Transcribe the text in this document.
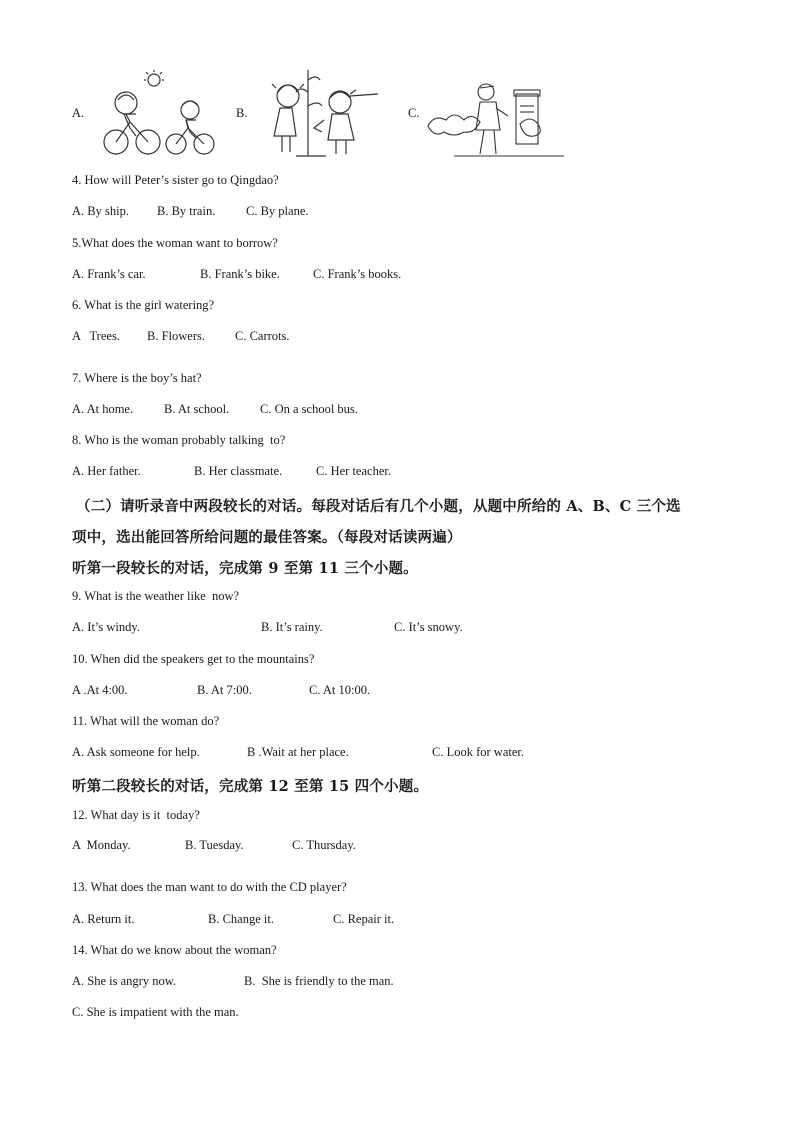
A.	B.	C.
4. How will Peter’s sister go to Qingdao?
A. By ship. B. By train. C. By plane.
5.What does the woman want to borrow?
A. Frank’s car.	B. Frank’s bike.	C. Frank’s books.
6. What is the girl watering?
A   Trees. B. Flowers. C. Carrots.
7. Where is the boy’s hat?
A. At home. B. At school. C. On a school bus.
8. Who is the woman probably talking  to?
A. Her father.	B. Her classmate.	C. Her teacher.
（二）请听录音中两段较长的对话。每段对话后有几个小题，从题中所给的 A、B、C 三个选
项中，选出能回答所给问题的最佳答案。（每段对话读两遍）
听第一段较长的对话，完成第 9 至第 11 三个小题。
9. What is the weather like  now?
A. It’s windy.	B. It’s rainy.	C. It’s snowy.
10. When did the speakers get to the mountains?
A .At 4:00.	B. At 7:00.	C. At 10:00.
11. What will the woman do?
A. Ask someone for help.	B .Wait at her place.	C. Look for water.
听第二段较长的对话，完成第 12 至第 15 四个小题。
12. What day is it  today?
A  Monday.	B. Tuesday.	C. Thursday.
13. What does the man want to do with the CD player?
A. Return it.	B. Change it.	C. Repair it.
14. What do we know about the woman?
A. She is angry now.	B.  She is friendly to the man.
C. She is impatient with the man.
